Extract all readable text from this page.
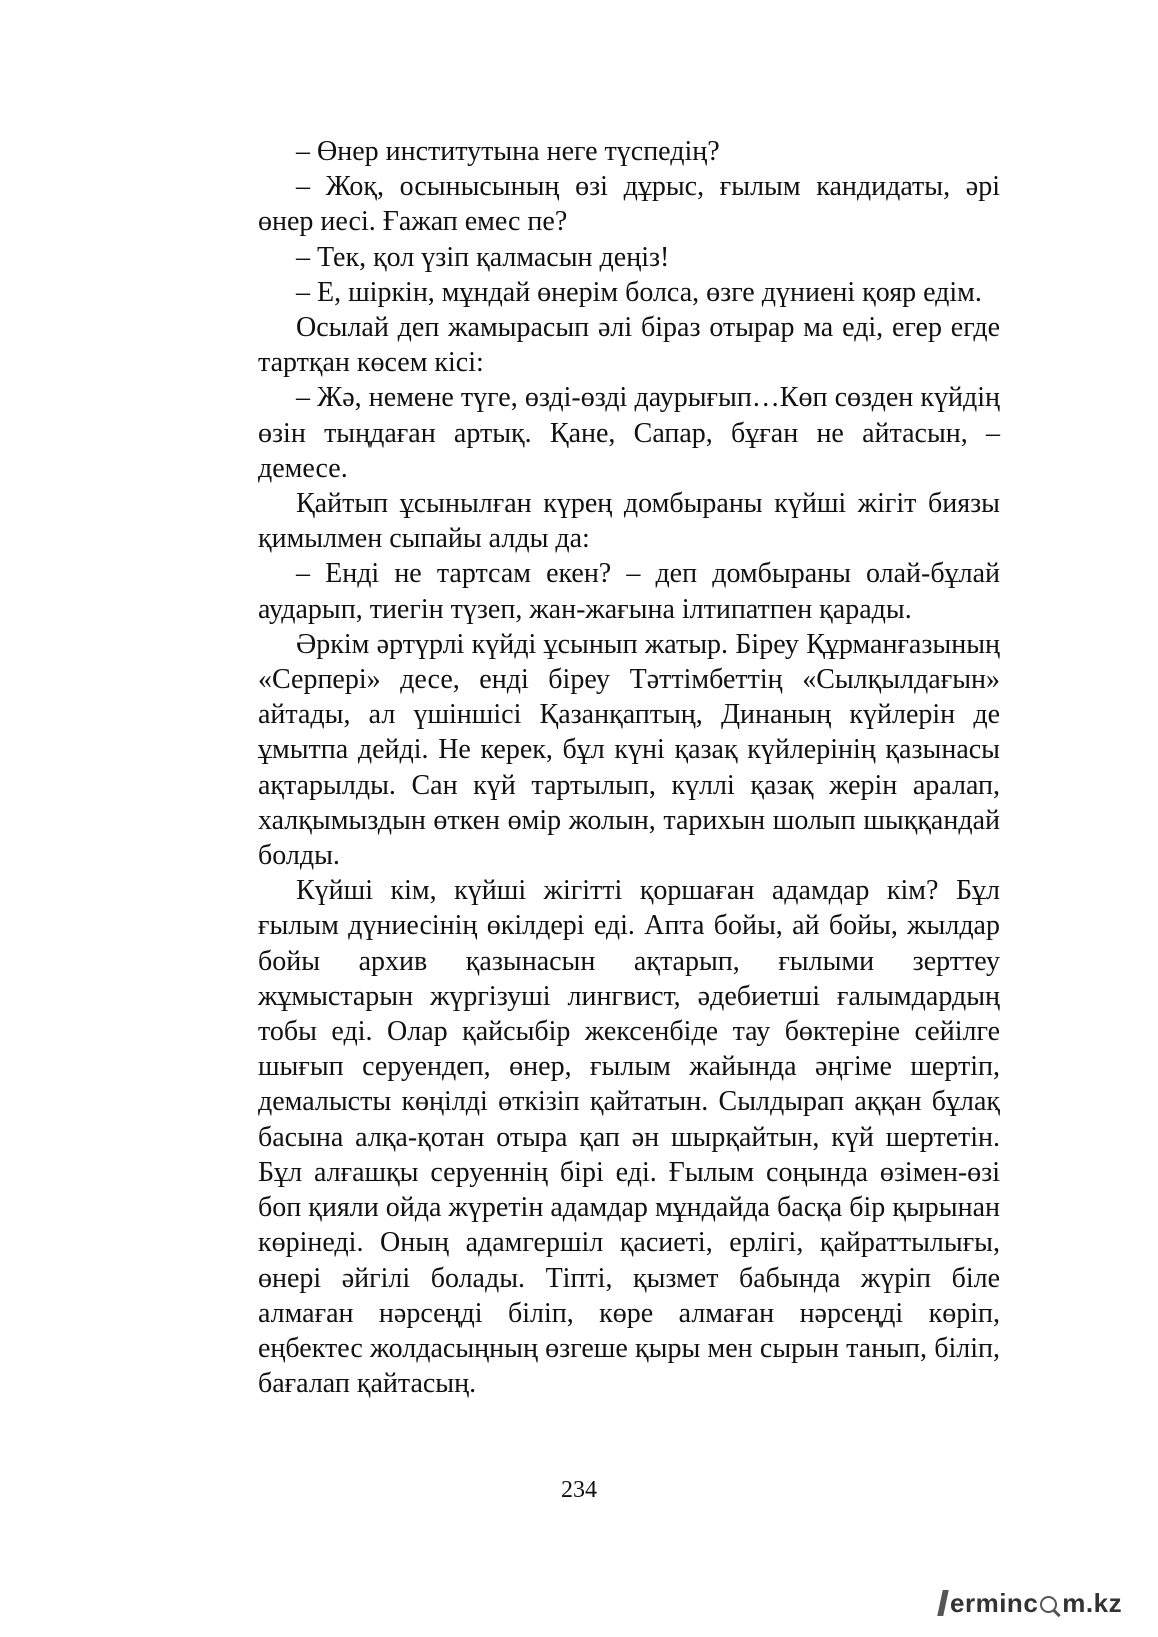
– Өнер институтына неге түспедің?

– Жоқ, осынысының өзі дұрыс, ғылым кандидаты, әрі өнер иесі. Ғажап емес пе?

– Тек, қол үзіп қалмасын деңіз!

– Е, шіркін, мұндай өнерім болса, өзге дүниені қояр едім.

Осылай деп жамырасып әлі біраз отырар ма еді, егер егде тартқан көсем кісі:

– Жә, немене түге, өзді-өзді даурығып…Көп сөзден күйдің өзін тыңдаған артық. Қане, Сапар, бұған не айтасын, – демесе.

Қайтып ұсынылған күрең домбыраны күйші жігіт биязы қимылмен сыпайы алды да:

– Енді не тартсам екен? – деп домбыраны олай-бұлай аударып, тиегін түзеп, жан-жағына ілтипатпен қарады.

Әркім әртүрлі күйді ұсынып жатыр. Біреу Құрманғазының «Серпері» десе, енді біреу Тәттімбеттің «Сылқылдағын» айтады, ал үшіншісі Қазанқаптың, Динаның күйлерін де ұмытпа дейді. Не керек, бұл күні қазақ күйлерінің қазынасы ақтарылды. Сан күй тартылып, күллі қазақ жерін аралап, халқымыздын өткен өмір жолын, тарихын шолып шыққандай болды.

Күйші кім, күйші жігітті қоршаған адамдар кім? Бұл ғылым дүниесінің өкілдері еді. Апта бойы, ай бойы, жылдар бойы архив қазынасын ақтарып, ғылыми зерттеу жұмыстарын жүргізуші лингвист, әдебиетші ғалымдардың тобы еді. Олар қайсыбір жексенбіде тау бөктеріне сейілге шығып серуендеп, өнер, ғылым жайында әңгіме шертіп, демалысты көңілді өткізіп қайтатын. Сылдырап аққан бұлақ басына алқа-қотан отыра қап ән шырқайтын, күй шертетін. Бұл алғашқы серуеннің бірі еді. Ғылым соңында өзімен-өзі боп қияли ойда жүретін адамдар мұндайда басқа бір қырынан көрінеді. Оның адамгершіл қасиеті, ерлігі, қайраттылығы, өнері әйгілі болады. Тіпті, қызмет бабында жүріп біле алмаған нәрсеңді біліп, көре алмаған нәрсеңді көріп, еңбектес жолдасыңның өзгеше қыры мен сырын танып, біліп, бағалап қайтасың.

234
ermin c m.kz
